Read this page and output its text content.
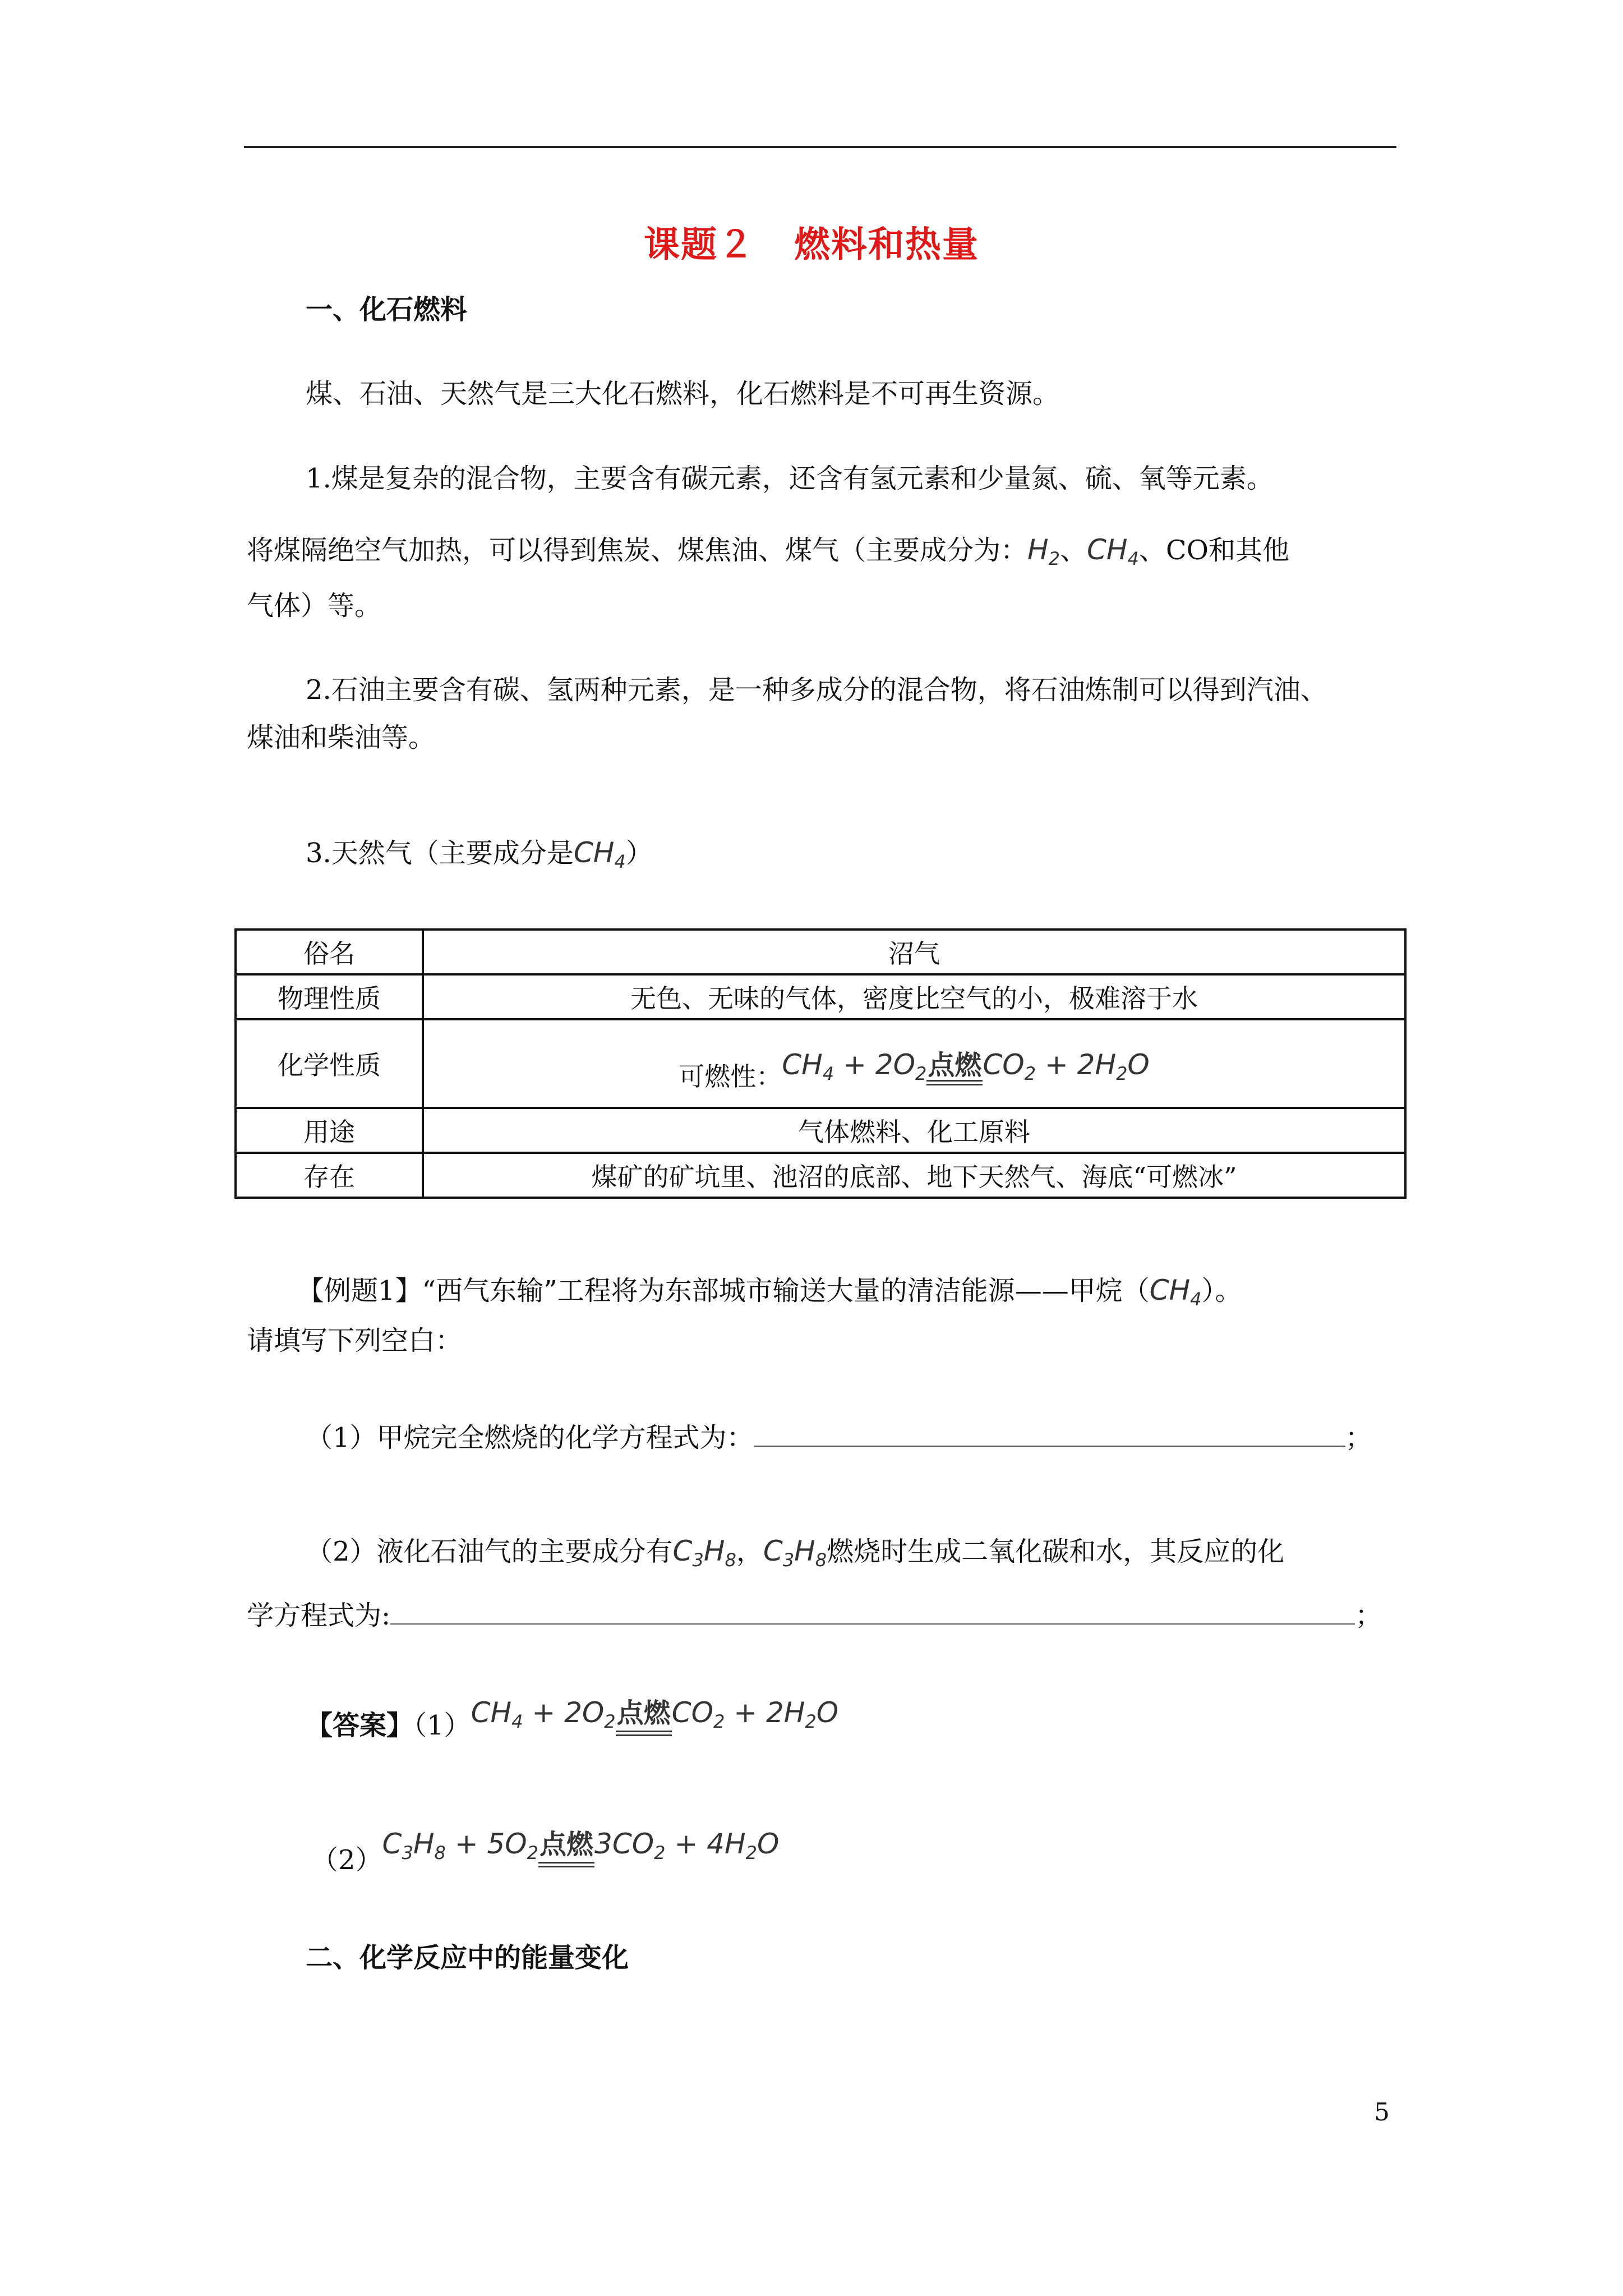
课题２ 燃料和热量
一、化石燃料
煤、石油、天然气是三大化石燃料，化石燃料是不可再生资源。
1.煤是复杂的混合物，主要含有碳元素，还含有氢元素和少量氮、硫、氧等元素。
将煤隔绝空气加热，可以得到焦炭、煤焦油、煤气（主要成分为：$H_2$、$CH_4$、CO和其他
气体）等。
2.石油主要含有碳、氢两种元素，是一种多成分的混合物，将石油炼制可以得到汽油、
煤油和柴油等。
3.天然气（主要成分是$CH_4$）
俗名	沼气
物理性质	无色、无味的气体，密度比空气的小，极难溶于水
化学性质	可燃性：$CH_4 + 2O_2$点燃$CO_2 + 2H_2O$
用途	气体燃料、化工原料
存在	煤矿的矿坑里、池沼的底部、地下天然气、海底“可燃冰”
【例题1】“西气东输”工程将为东部城市输送大量的清洁能源——甲烷$(CH_4)$。
请填写下列空白：
（1）甲烷完全燃烧的化学方程式为：	；
（2）液化石油气的主要成分有$C_3H_8$，$C_3H_8$燃烧时生成二氧化碳和水，其反应的化
学方程式为:	；
【答案】$(1)CH_4 + 2O_2$点燃$CO_2 + 2H_2O$
$(2)C_3H_8 + 5O_2$点燃$3CO_2 + 4H_2O$
二、化学反应中的能量变化
5
